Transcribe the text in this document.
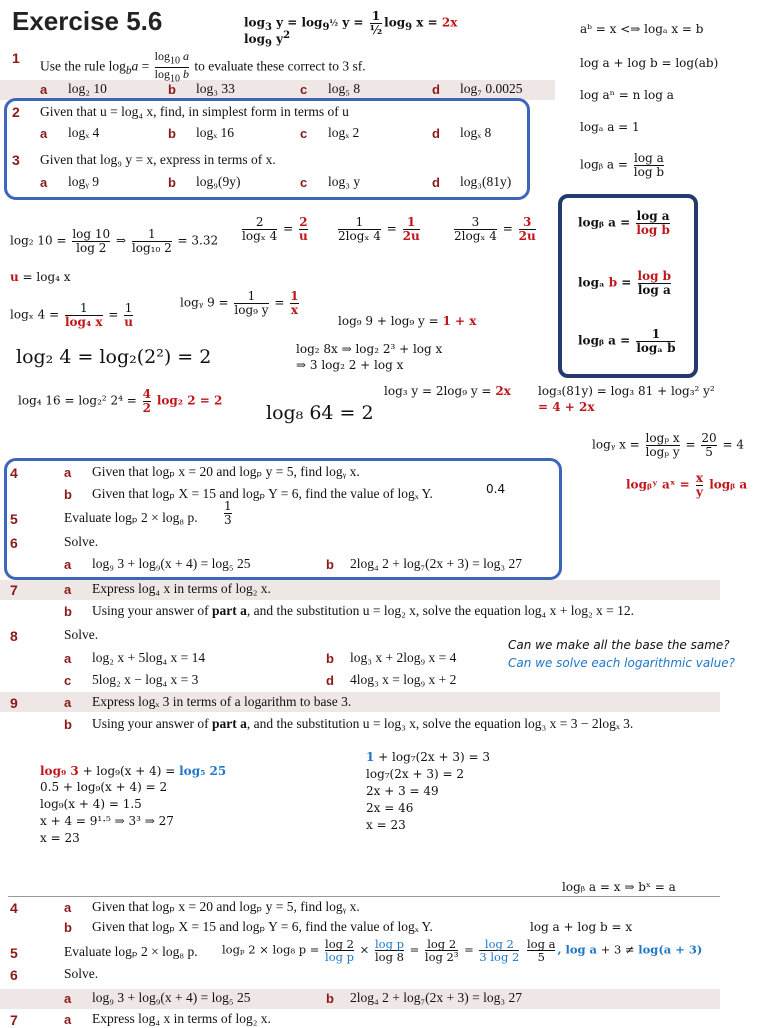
Exercise 5.6	$\log_3 y = \log_{9^{\frac{1}{2}}} y = \frac{1}{\text{½}} \log_9 x = 2x$
$\log_9 y^2$
1 Use the rule $\log_ba = \frac{\log_{10} a}{\log_{10} b}$ to evaluate these correct to 3 sf.
a log₂ 10	b log₃ 33	c log₅ 8	d log₇ 0.0025
2 Given that u = log₄ x, find, in simplest form in terms of u
a logₓ 4	b logₓ 16	c logₓ 2	d logₓ 8
3 Given that log₉ y = x, express in terms of x.
a logᵧ 9	b log₉(9y)	c log₃ y	d log₃(81y)
aᵇ = x <⇒ logₐ x = b
log a + log b = log(ab)
log aⁿ = n log a
logₐ a = 1
logᵦ $a = \frac{\text{log a}}{\text{log b}}$
logᵦ $a = \frac{\text{log a}}{\text{log b}}$
logₐ $b = \frac{\text{log b}}{\text{log a}}$
logᵦ $a = \frac{1}{\text{logₐ b}}$
log₂ $10 = \frac{\log 10}{\log 2}$ ⇒ $\frac{1}{\text{log₁₀ 2}} = 3.32 \frac{2}{\text{logₓ 4}} = \frac{2}{u}$	$\frac{1}{\text{2logₓ 4}} = \frac{1}{2u}$	$\frac{3}{\text{2logₓ 4}} = \frac{3}{2u}$
u = log₄ x
logₓ $4 = \frac{1}{\text{log₄ x}} = \frac{1}{u}$	logᵧ $9 = \frac{1}{\text{log₉ y}} = \frac{1}{x}$
log₉ 9 + log₉ y = 1 + x
log₂ 4 = log₂(2²) = 2	log₂ 8x ⇒ log₂ 2³ + log x
⇒ 3 log₂ 2 + log x
log₄ 16 = log₂² $2^4 = \frac{4}{2} \log_2$ 2 = 2
log₈ 64 = 2
log₃ y = 2log₉ y = 2x log₃(81y) = log₃ 81 + log₃² y²
= 4 + 2x
logᵧ $x = \frac{\text{logₚ x}}{\text{logₚ y}} = \frac{20}{5} = 4$
logᵦʸ aˣ = $\frac{x}{y}$ logᵦ a
4	a Given that logₚ x = 20 and logₚ y = 5, find logᵧ x.
b Given that logₚ X = 15 and logₚ Y = 6, find the value of logₓ Y.	0.4
5	Evaluate logₚ 2 × log₈ p. $\frac{1}{3}$
6	Solve.
a log₉ 3 + log₉(x + 4) = log₅ 25	b 2log₄ 2 + log₇(2x + 3) = log₃ 27
7	a Express log₄ x in terms of log₂ x.
b Using your answer of part a, and the substitution u = log₂ x, solve the equation log₄ x + log₂ x = 12.
8	Solve.
a log₂ x + 5log₄ x = 14	b log₃ x + 2log₉ x = 4
c 5log₂ x − log₄ x = 3	d 4log₃ x = log₉ x + 2
Can we make all the base the same?
Can we solve each logarithmic value?
9	a Express logₓ 3 in terms of a logarithm to base 3.
b Using your answer of part a, and the substitution u = log₃ x, solve the equation log₃ x = 3 − 2logₓ 3.
log₉ 3 + log₉(x + 4) = log₅ 25
0.5 + log₉(x + 4) = 2
log₉(x + 4) = 1.5
x + 4 = 9¹·⁵ ⇒ 3³ ⇒ 27
x = 23
1 + log₇(2x + 3) = 3
log₇(2x + 3) = 2
2x + 3 = 49
2x = 46
x = 23
logᵦ a = x ⇒ bˣ = a
4	a Given that logₚ x = 20 and logₚ y = 5, find logᵧ x.
b Given that logₚ X = 15 and logₚ Y = 6, find the value of logₓ Y.	log a + log b = x
5	Evaluate logₚ 2 × log₈ p. logₚ 2 × log₈ $p = \frac{\log 2}{\text{log p}} \times \frac{\text{log p}}{\log 8} = \frac{\log 2}{\text{log 2³}} = \frac{\log 2}{3 \log 2}$
$\frac{\text{log a}}{5}$ , log a + 3 ≠ log(a + 3)
6	Solve.
a log₉ 3 + log₉(x + 4) = log₅ 25	b 2log₄ 2 + log₇(2x + 3) = log₃ 27
7	a Express log₄ x in terms of log₂ x.
